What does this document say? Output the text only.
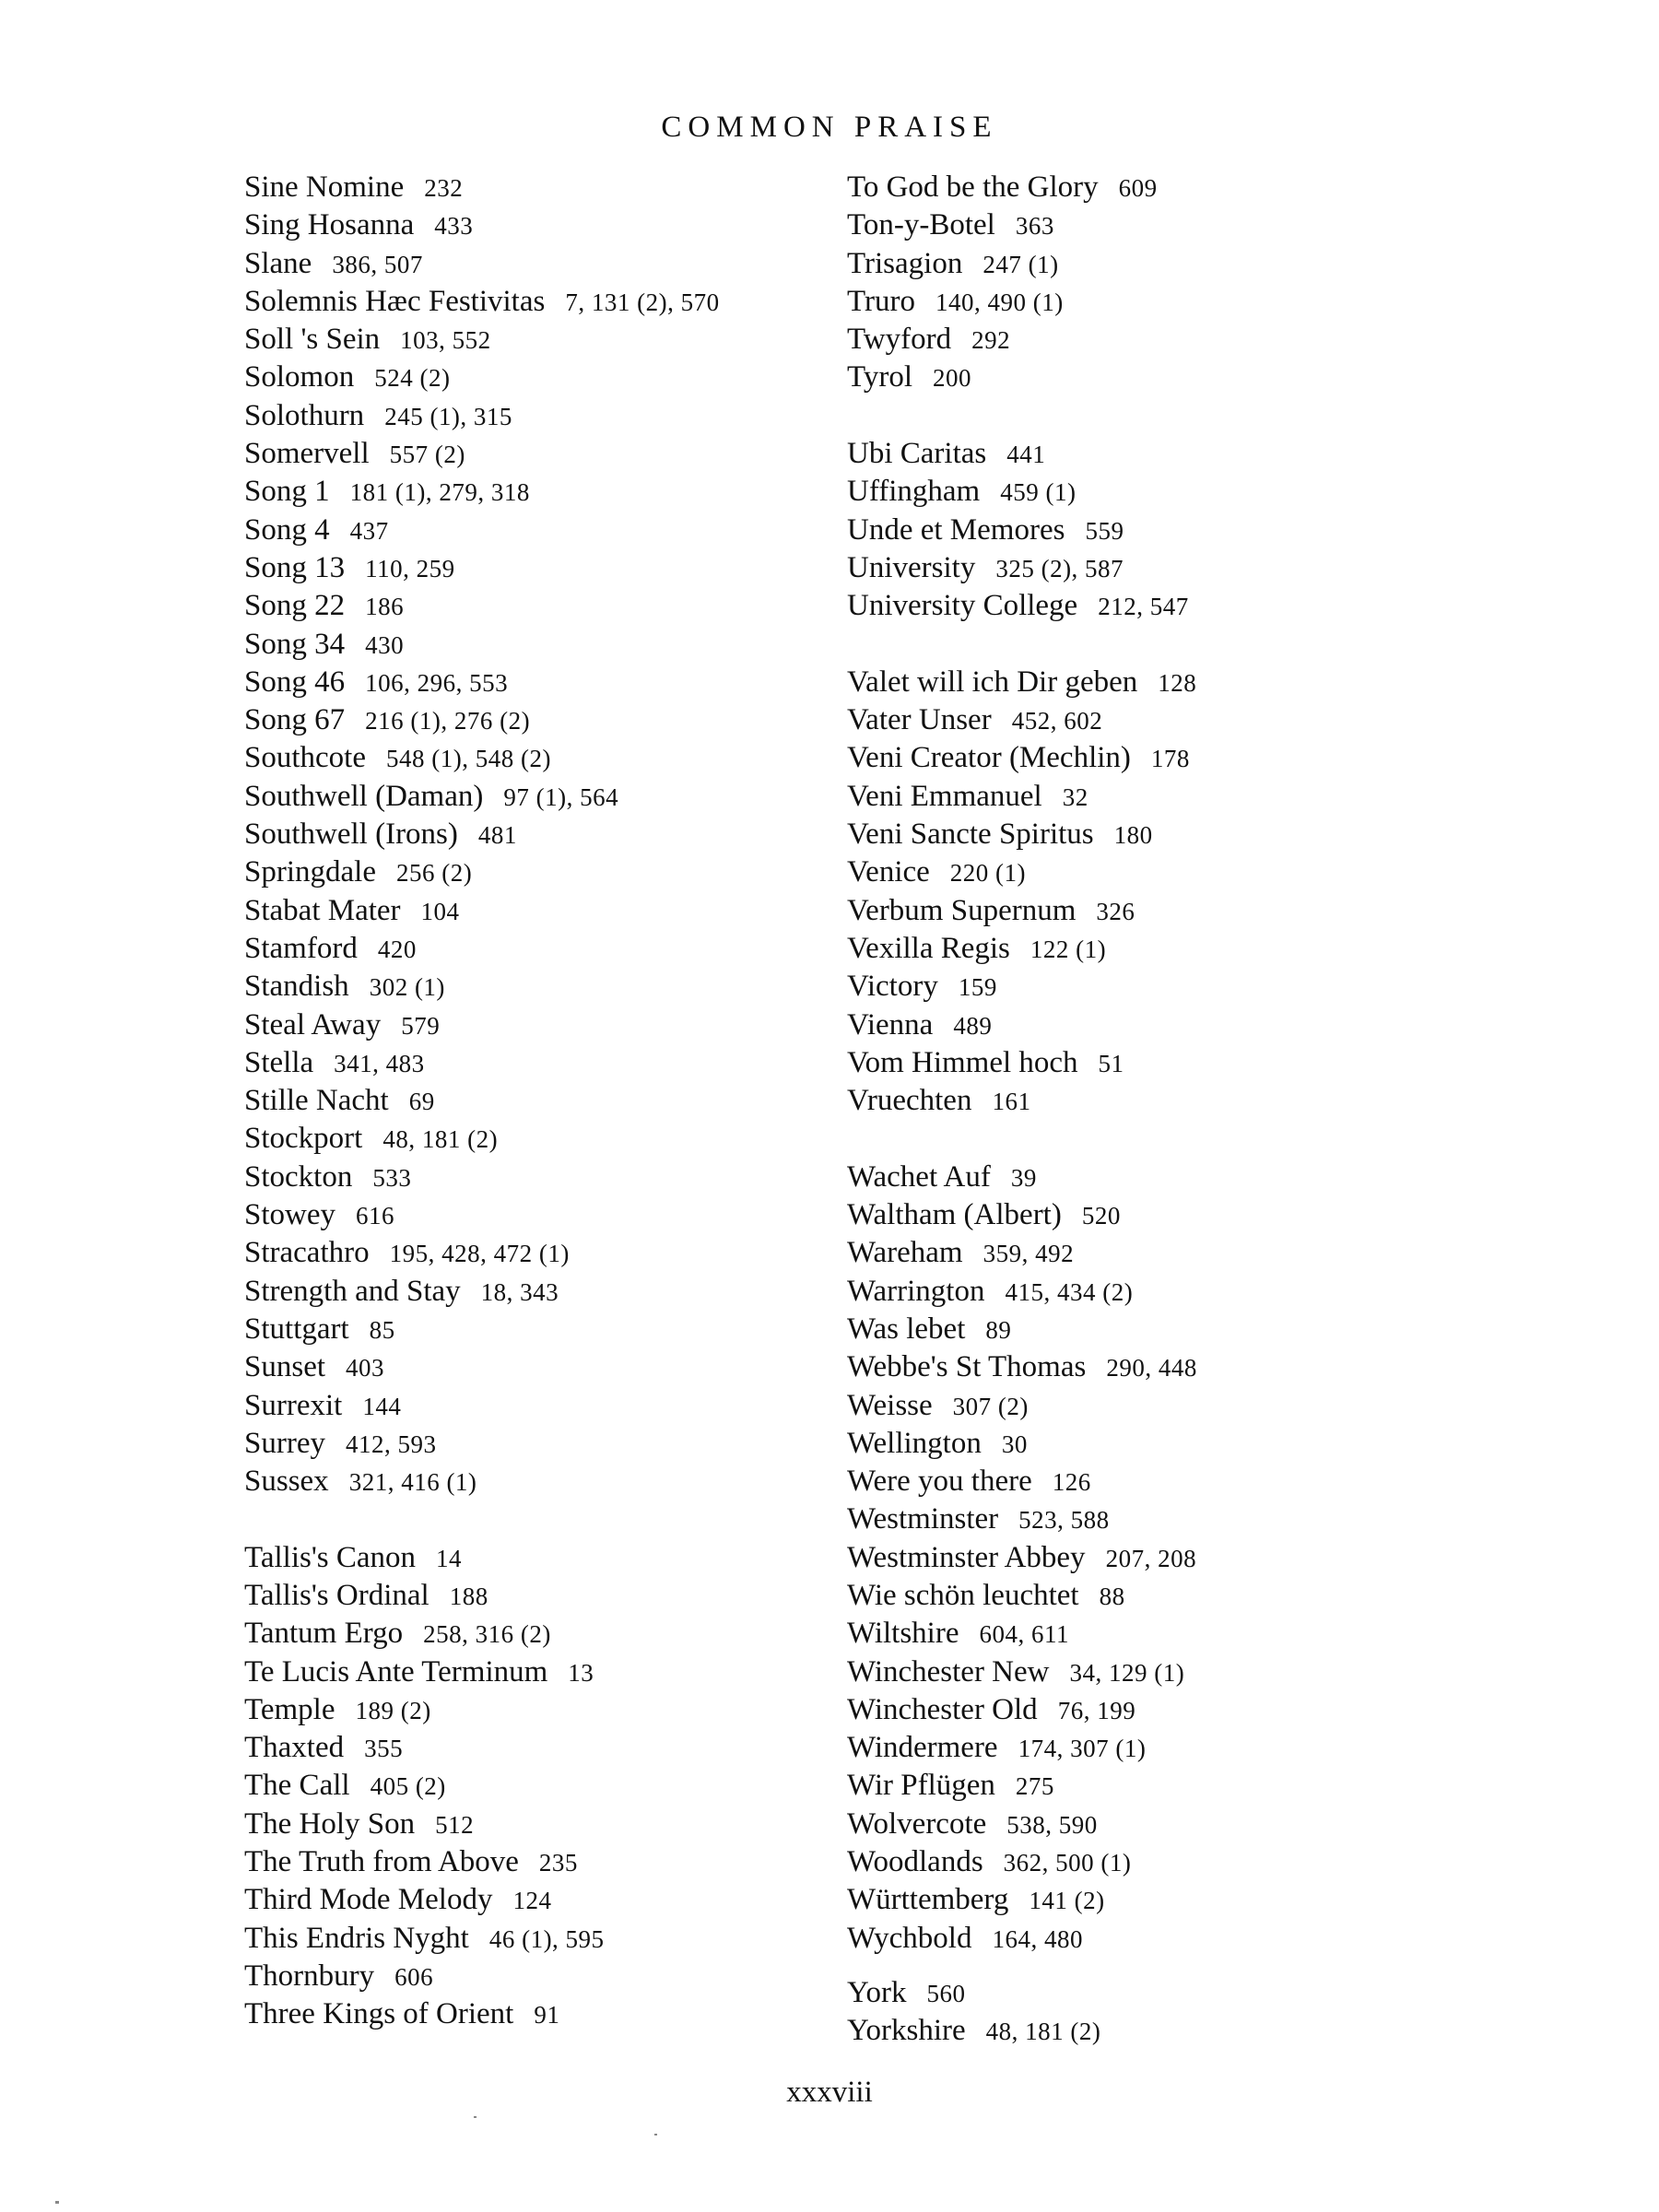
COMMON PRAISE
Sine Nomine 232
Sing Hosanna 433
Slane 386, 507
Solemnis Hæc Festivitas 7, 131 (2), 570
Soll 's Sein 103, 552
Solomon 524 (2)
Solothurn 245 (1), 315
Somervell 557 (2)
Song 1 181 (1), 279, 318
Song 4 437
Song 13 110, 259
Song 22 186
Song 34 430
Song 46 106, 296, 553
Song 67 216 (1), 276 (2)
Southcote 548 (1), 548 (2)
Southwell (Daman) 97 (1), 564
Southwell (Irons) 481
Springdale 256 (2)
Stabat Mater 104
Stamford 420
Standish 302 (1)
Steal Away 579
Stella 341, 483
Stille Nacht 69
Stockport 48, 181 (2)
Stockton 533
Stowey 616
Stracathro 195, 428, 472 (1)
Strength and Stay 18, 343
Stuttgart 85
Sunset 403
Surrexit 144
Surrey 412, 593
Sussex 321, 416 (1)
Tallis's Canon 14
Tallis's Ordinal 188
Tantum Ergo 258, 316 (2)
Te Lucis Ante Terminum 13
Temple 189 (2)
Thaxted 355
The Call 405 (2)
The Holy Son 512
The Truth from Above 235
Third Mode Melody 124
This Endris Nyght 46 (1), 595
Thornbury 606
Three Kings of Orient 91
To God be the Glory 609
Ton-y-Botel 363
Trisagion 247 (1)
Truro 140, 490 (1)
Twyford 292
Tyrol 200
Ubi Caritas 441
Uffingham 459 (1)
Unde et Memores 559
University 325 (2), 587
University College 212, 547
Valet will ich Dir geben 128
Vater Unser 452, 602
Veni Creator (Mechlin) 178
Veni Emmanuel 32
Veni Sancte Spiritus 180
Venice 220 (1)
Verbum Supernum 326
Vexilla Regis 122 (1)
Victory 159
Vienna 489
Vom Himmel hoch 51
Vruechten 161
Wachet Auf 39
Waltham (Albert) 520
Wareham 359, 492
Warrington 415, 434 (2)
Was lebet 89
Webbe's St Thomas 290, 448
Weisse 307 (2)
Wellington 30
Were you there 126
Westminster 523, 588
Westminster Abbey 207, 208
Wie schön leuchtet 88
Wiltshire 604, 611
Winchester New 34, 129 (1)
Winchester Old 76, 199
Windermere 174, 307 (1)
Wir Pflügen 275
Wolvercote 538, 590
Woodlands 362, 500 (1)
Württemberg 141 (2)
Wychbold 164, 480
York 560
Yorkshire 48, 181 (2)
xxxviii
